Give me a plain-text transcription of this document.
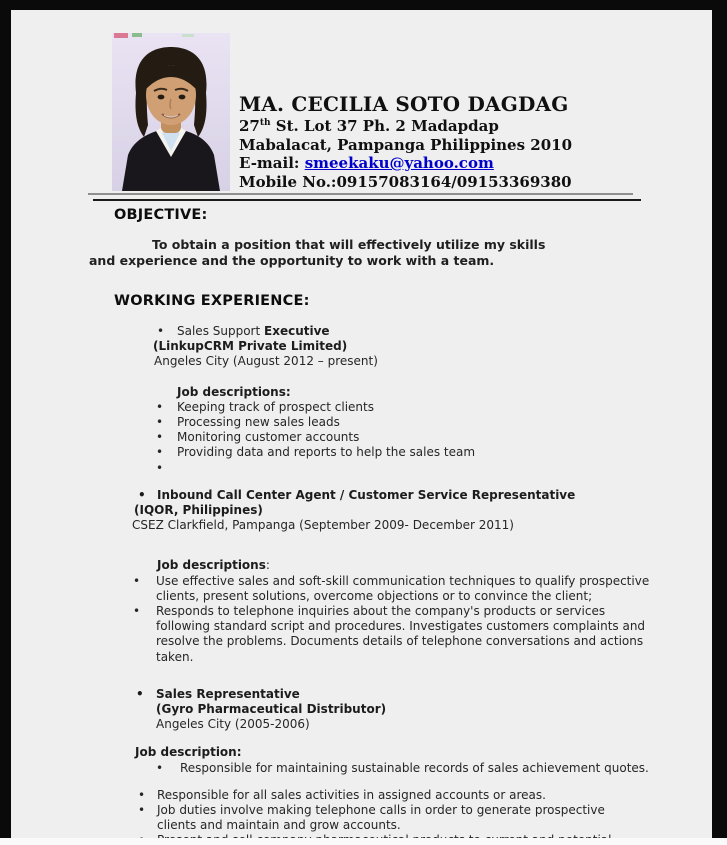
MA. CECILIA SOTO DAGDAG
27th St. Lot 37 Ph. 2 Madapdap
Mabalacat, Pampanga Philippines 2010
E-mail: smeekaku@yahoo.com
Mobile No.:09157083164/09153369380
OBJECTIVE:
To obtain a position that will effectively utilize my skills
and experience and the opportunity to work with a team.
WORKING EXPERIENCE:
•	Sales Support Executive
(LinkupCRM Private Limited)
Angeles City (August 2012 – present)
Job descriptions:
•	Keeping track of prospect clients
•	Processing new sales leads
•	Monitoring customer accounts
•	Providing data and reports to help the sales team
•
• Inbound Call Center Agent / Customer Service Representative
(IQOR, Philippines)
CSEZ Clarkfield, Pampanga (September 2009- December 2011)
Job descriptions:
•	Use effective sales and soft-skill communication techniques to qualify prospective clients, present solutions, overcome objections or to convince the client;
•	Responds to telephone inquiries about the company's products or services following standard script and procedures. Investigates customers complaints and resolve the problems. Documents details of telephone conversations and actions taken.
•	Sales Representative
(Gyro Pharmaceutical Distributor)
Angeles City (2005-2006)
Job description:
•	Responsible for maintaining sustainable records of sales achievement quotes.
• Responsible for all sales activities in assigned accounts or areas.
• Job duties involve making telephone calls in order to generate prospective clients and maintain and grow accounts.
